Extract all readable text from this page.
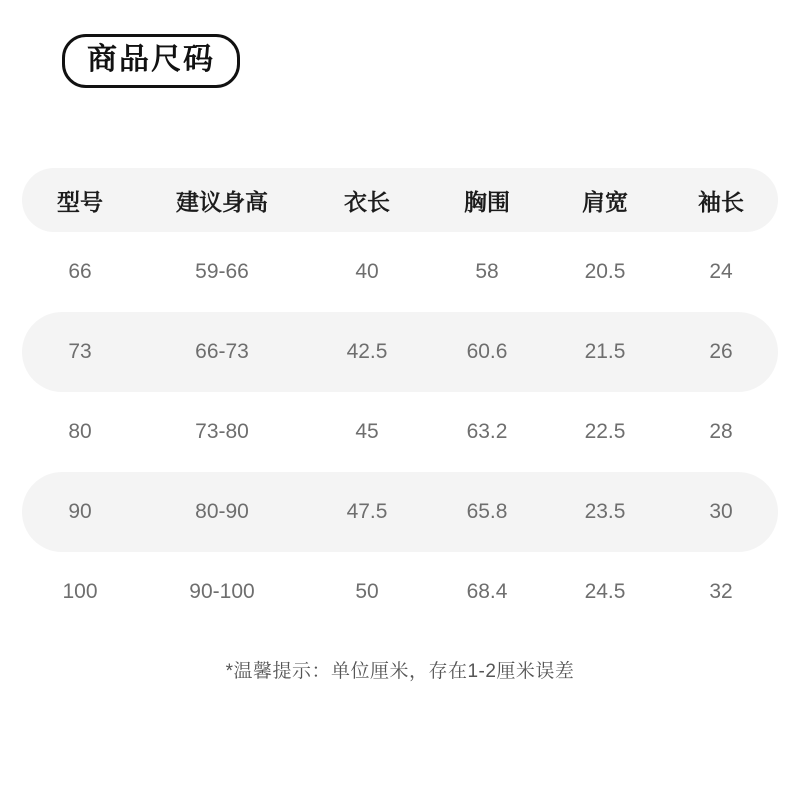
商品尺码
型号	建议身高	衣长	胸围	肩宽	袖长
66	59-66	40	58	20.5	24
73	66-73	42.5	60.6	21.5	26
80	73-80	45	63.2	22.5	28
90	80-90	47.5	65.8	23.5	30
100	90-100	50	68.4	24.5	32
*温馨提示：单位厘米，存在1-2厘米误差
